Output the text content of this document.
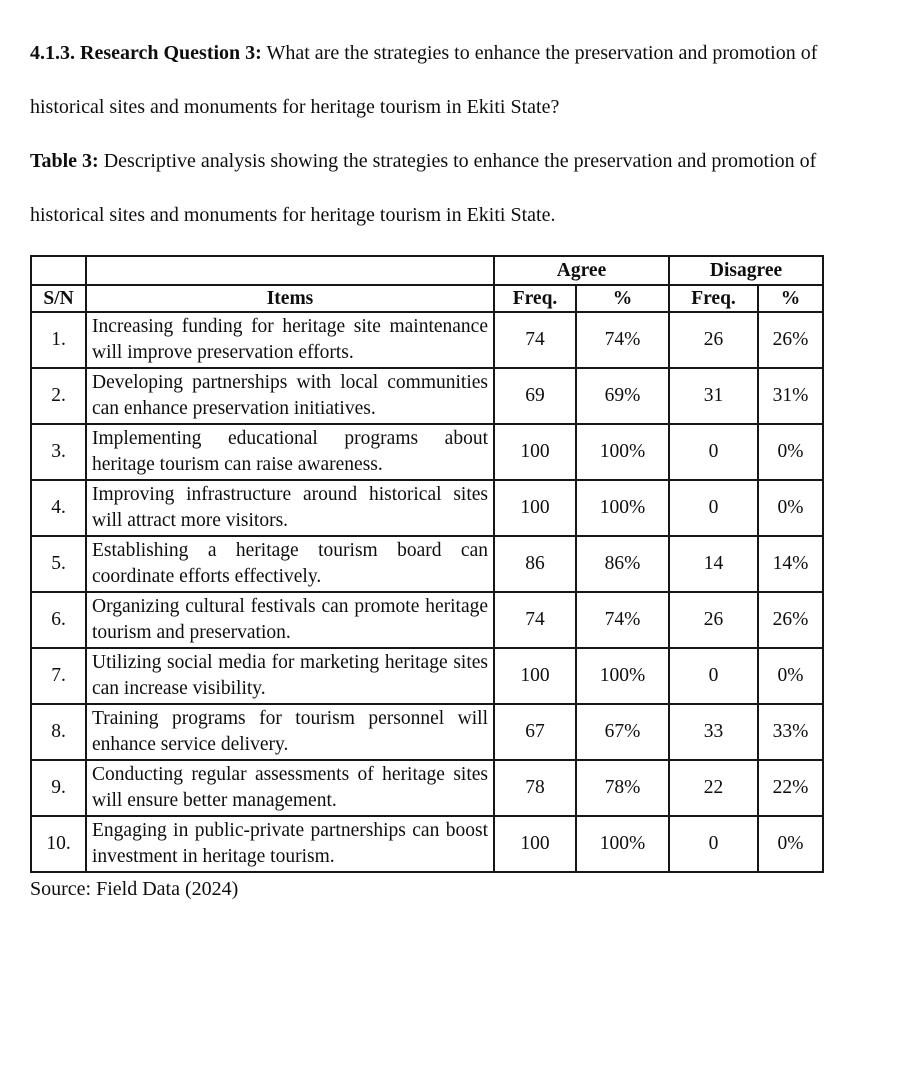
4.1.3. Research Question 3: What are the strategies to enhance the preservation and promotion of historical sites and monuments for heritage tourism in Ekiti State?

Table 3: Descriptive analysis showing the strategies to enhance the preservation and promotion of historical sites and monuments for heritage tourism in Ekiti State.

		Agree		Disagree	
S/N	Items	Freq.	%	Freq.	%
1.	Increasing funding for heritage site maintenance will improve preservation efforts.	74	74%	26	26%
2.	Developing partnerships with local communities can enhance preservation initiatives.	69	69%	31	31%
3.	Implementing educational programs about heritage tourism can raise awareness.	100	100%	0	0%
4.	Improving infrastructure around historical sites will attract more visitors.	100	100%	0	0%
5.	Establishing a heritage tourism board can coordinate efforts effectively.	86	86%	14	14%
6.	Organizing cultural festivals can promote heritage tourism and preservation.	74	74%	26	26%
7.	Utilizing social media for marketing heritage sites can increase visibility.	100	100%	0	0%
8.	Training programs for tourism personnel will enhance service delivery.	67	67%	33	33%
9.	Conducting regular assessments of heritage sites will ensure better management.	78	78%	22	22%
10.	Engaging in public-private partnerships can boost investment in heritage tourism.	100	100%	0	0%

Source: Field Data (2024)
